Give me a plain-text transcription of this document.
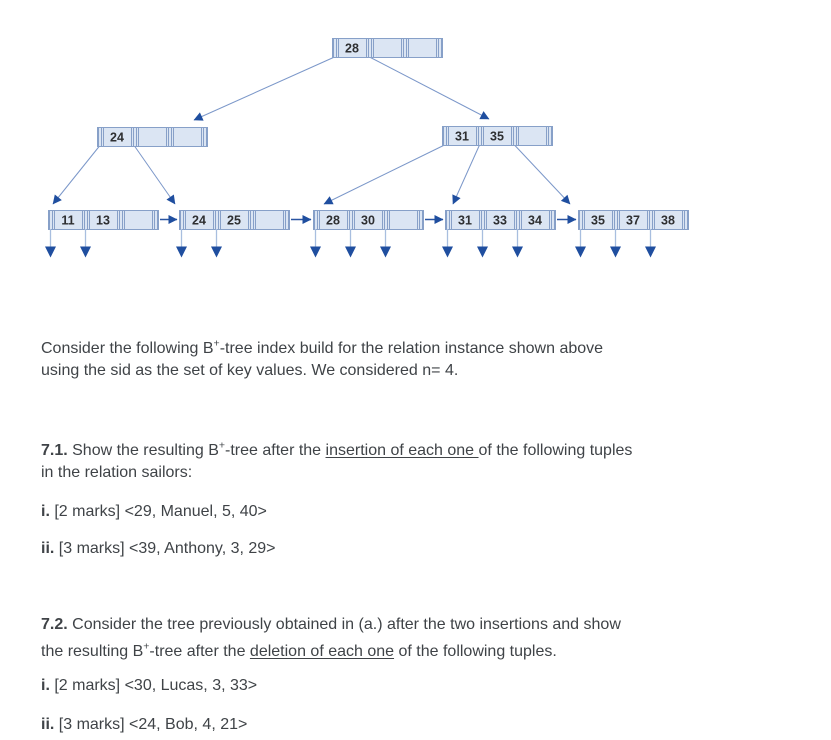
28
24	31 35
11 13	24 25	28 30	31 33 34	35 37 38

Consider the following B+-tree index build for the relation instance shown above
using the sid as the set of key values. We considered n= 4.

7.1. Show the resulting B+-tree after the insertion of each one of the following tuples
in the relation sailors:

i. [2 marks] <29, Manuel, 5, 40>

ii. [3 marks] <39, Anthony, 3, 29>

7.2. Consider the tree previously obtained in (a.) after the two insertions and show
the resulting B+-tree after the deletion of each one of the following tuples.

i. [2 marks] <30, Lucas, 3, 33>

ii. [3 marks] <24, Bob, 4, 21>
